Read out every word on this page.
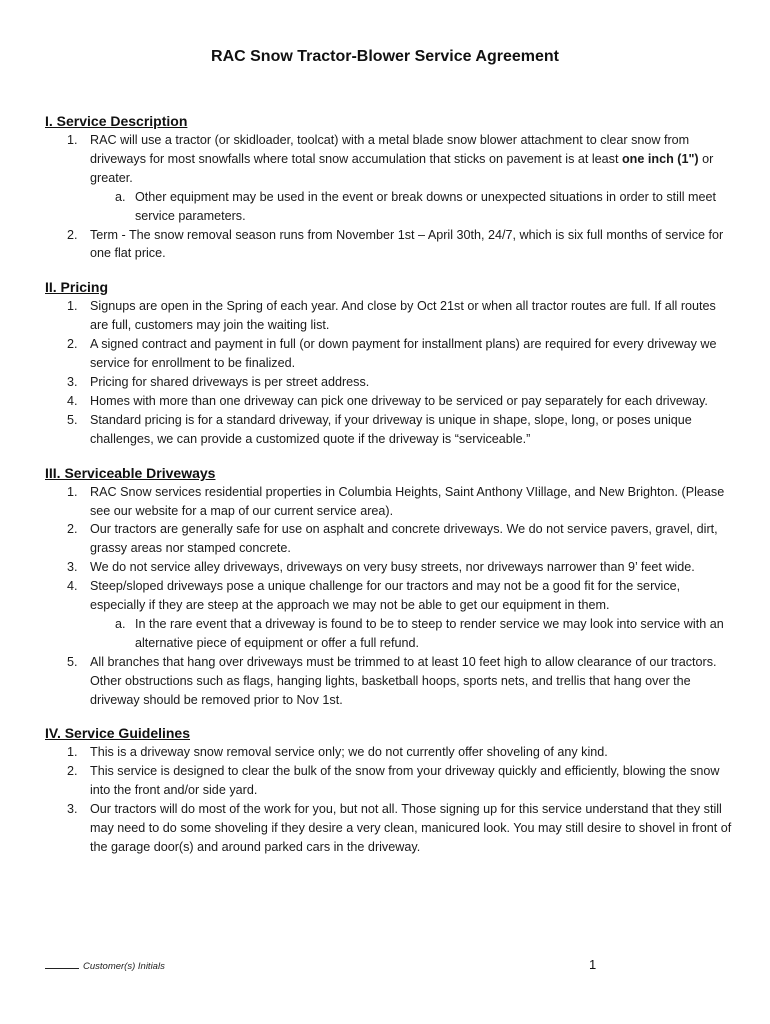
RAC Snow Tractor-Blower Service Agreement
I. Service Description
1. RAC will use a tractor (or skidloader, toolcat) with a metal blade snow blower attachment to clear snow from driveways for most snowfalls where total snow accumulation that sticks on pavement is at least one inch (1") or greater.
a. Other equipment may be used in the event or break downs or unexpected situations in order to still meet service parameters.
2. Term - The snow removal season runs from November 1st – April 30th, 24/7, which is six full months of service for one flat price.
II. Pricing
1. Signups are open in the Spring of each year. And close by Oct 21st or when all tractor routes are full. If all routes are full, customers may join the waiting list.
2. A signed contract and payment in full (or down payment for installment plans) are required for every driveway we service for enrollment to be finalized.
3. Pricing for shared driveways is per street address.
4. Homes with more than one driveway can pick one driveway to be serviced or pay separately for each driveway.
5. Standard pricing is for a standard driveway, if your driveway is unique in shape, slope, long, or poses unique challenges, we can provide a customized quote if the driveway is “serviceable.”
III. Serviceable Driveways
1. RAC Snow services residential properties in Columbia Heights, Saint Anthony VIillage, and New Brighton. (Please see our website for a map of our current service area).
2. Our tractors are generally safe for use on asphalt and concrete driveways. We do not service pavers, gravel, dirt, grassy areas nor stamped concrete.
3. We do not service alley driveways, driveways on very busy streets, nor driveways narrower than 9’ feet wide.
4. Steep/sloped driveways pose a unique challenge for our tractors and may not be a good fit for the service, especially if they are steep at the approach we may not be able to get our equipment in them.
a. In the rare event that a driveway is found to be to steep to render service we may look into service with an alternative piece of equipment or offer a full refund.
5. All branches that hang over driveways must be trimmed to at least 10 feet high to allow clearance of our tractors. Other obstructions such as flags, hanging lights, basketball hoops, sports nets, and trellis that hang over the driveway should be removed prior to Nov 1st.
IV. Service Guidelines
1. This is a driveway snow removal service only; we do not currently offer shoveling of any kind.
2. This service is designed to clear the bulk of the snow from your driveway quickly and efficiently, blowing the snow into the front and/or side yard.
3. Our tractors will do most of the work for you, but not all. Those signing up for this service understand that they still may need to do some shoveling if they desire a very clean, manicured look. You may still desire to shovel in front of the garage door(s) and around parked cars in the driveway.
Customer(s) Initials	1
